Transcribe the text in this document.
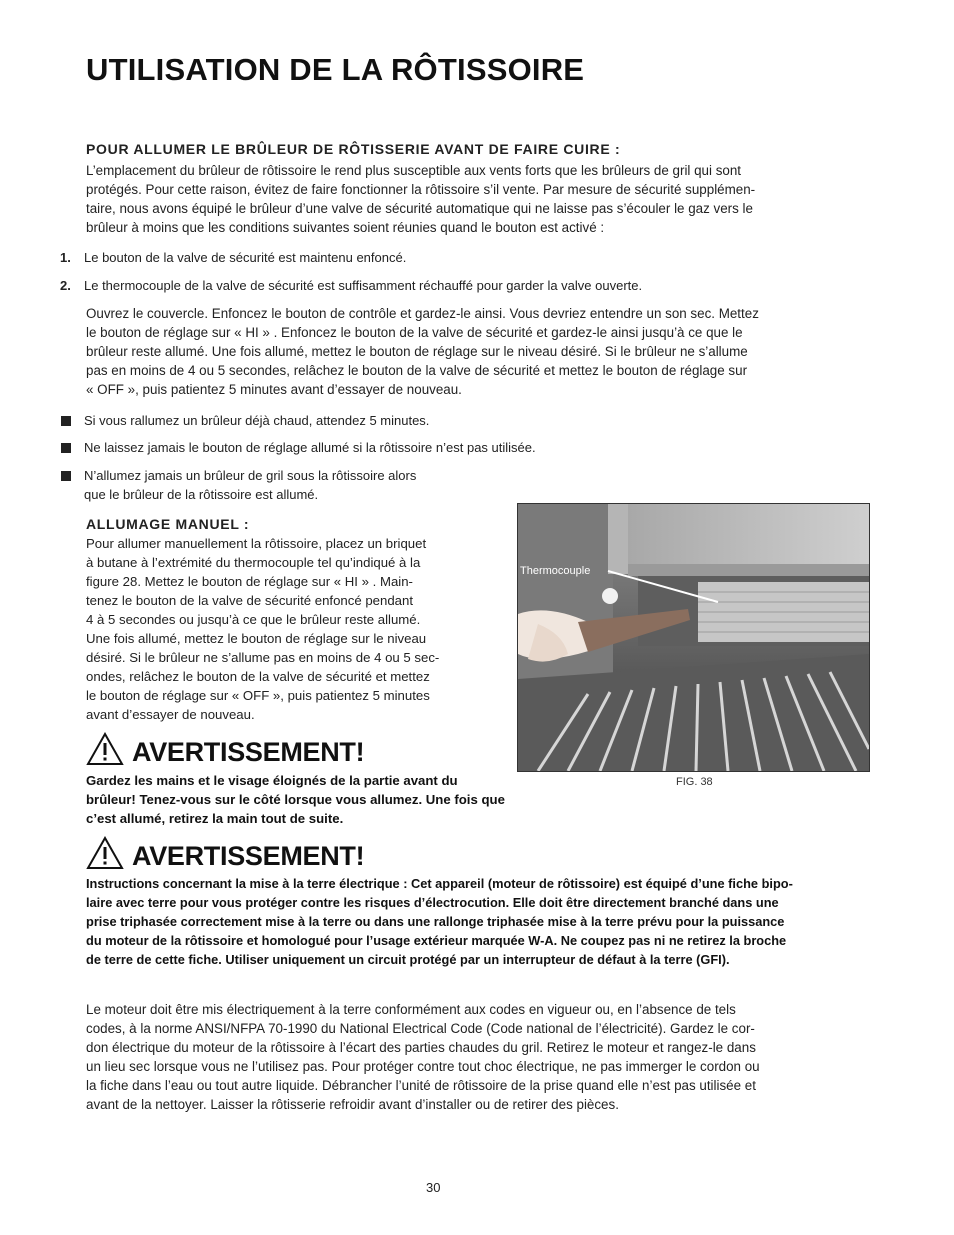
UTILISATION DE LA RÔTISSOIRE
POUR ALLUMER LE BRÛLEUR DE RÔTISSERIE AVANT DE FAIRE CUIRE :
L’emplacement du brûleur de rôtissoire le rend plus susceptible aux vents forts que les brûleurs de gril qui sont
protégés. Pour cette raison, évitez de faire fonctionner la rôtissoire s’il vente. Par mesure de sécurité supplémen-
taire, nous avons équipé le brûleur d’une valve de sécurité automatique qui ne laisse pas s’écouler le gaz vers le
brûleur à moins que les conditions suivantes soient réunies quand le bouton est activé :
1. Le bouton de la valve de sécurité est maintenu enfoncé.
2. Le thermocouple de la valve de sécurité est suffisamment réchauffé pour garder la valve ouverte.
Ouvrez le couvercle. Enfoncez le bouton de contrôle et gardez-le ainsi. Vous devriez entendre un son sec. Mettez
le bouton de réglage sur « HI » . Enfoncez le bouton de la valve de sécurité et gardez-le ainsi jusqu’à ce que le
brûleur reste allumé. Une fois allumé, mettez le bouton de réglage sur le niveau désiré. Si le brûleur ne s’allume
pas en moins de 4 ou 5 secondes, relâchez le bouton de la valve de sécurité et mettez le bouton de réglage sur
« OFF », puis patientez 5 minutes avant d’essayer de nouveau.
Si vous rallumez un brûleur déjà chaud, attendez 5 minutes.
Ne laissez jamais le bouton de réglage allumé si la rôtissoire n’est pas utilisée.
N’allumez jamais un brûleur de gril sous la rôtissoire alors
que le brûleur de la rôtissoire est allumé.
ALLUMAGE MANUEL :
Pour allumer manuellement la rôtissoire, placez un briquet
à butane à l’extrémité du thermocouple tel qu’indiqué à la
figure 28. Mettez le bouton de réglage sur « HI » . Main-
tenez le bouton de la valve de sécurité enfoncé pendant
4 à 5 secondes ou jusqu’à ce que le brûleur reste allumé.
Une fois allumé, mettez le bouton de réglage sur le niveau
désiré. Si le brûleur ne s’allume pas en moins de 4 ou 5 sec-
ondes, relâchez le bouton de la valve de sécurité et mettez
le bouton de réglage sur « OFF », puis patientez 5 minutes
avant d’essayer de nouveau.
Thermocouple
FIG. 38
AVERTISSEMENT!
Gardez les mains et le visage éloignés de la partie avant du
brûleur! Tenez-vous sur le côté lorsque vous allumez. Une fois que
c’est allumé, retirez la main tout de suite.
AVERTISSEMENT!
Instructions concernant la mise à la terre électrique : Cet appareil (moteur de rôtissoire) est équipé d’une fiche bipo-
laire avec terre pour vous protéger contre les risques d’électrocution. Elle doit être directement branché dans une
prise triphasée correctement mise à la terre ou dans une rallonge triphasée mise à la terre prévu pour la puissance
du moteur de la rôtissoire et homologué pour l’usage extérieur marquée W-A. Ne coupez pas ni ne retirez la broche
de terre de cette fiche. Utiliser uniquement un circuit protégé par un interrupteur de défaut à la terre (GFI).
Le moteur doit être mis électriquement à la terre conformément aux codes en vigueur ou, en l’absence de tels
codes, à la norme ANSI/NFPA 70-1990 du National Electrical Code (Code national de l’électricité). Gardez le cor-
don électrique du moteur de la rôtissoire à l’écart des parties chaudes du gril. Retirez le moteur et rangez-le dans
un lieu sec lorsque vous ne l’utilisez pas. Pour protéger contre tout choc électrique, ne pas immerger le cordon ou
la fiche dans l’eau ou tout autre liquide. Débrancher l’unité de rôtissoire de la prise quand elle n’est pas utilisée et
avant de la nettoyer. Laisser la rôtisserie refroidir avant d’installer ou de retirer des pièces.
30
